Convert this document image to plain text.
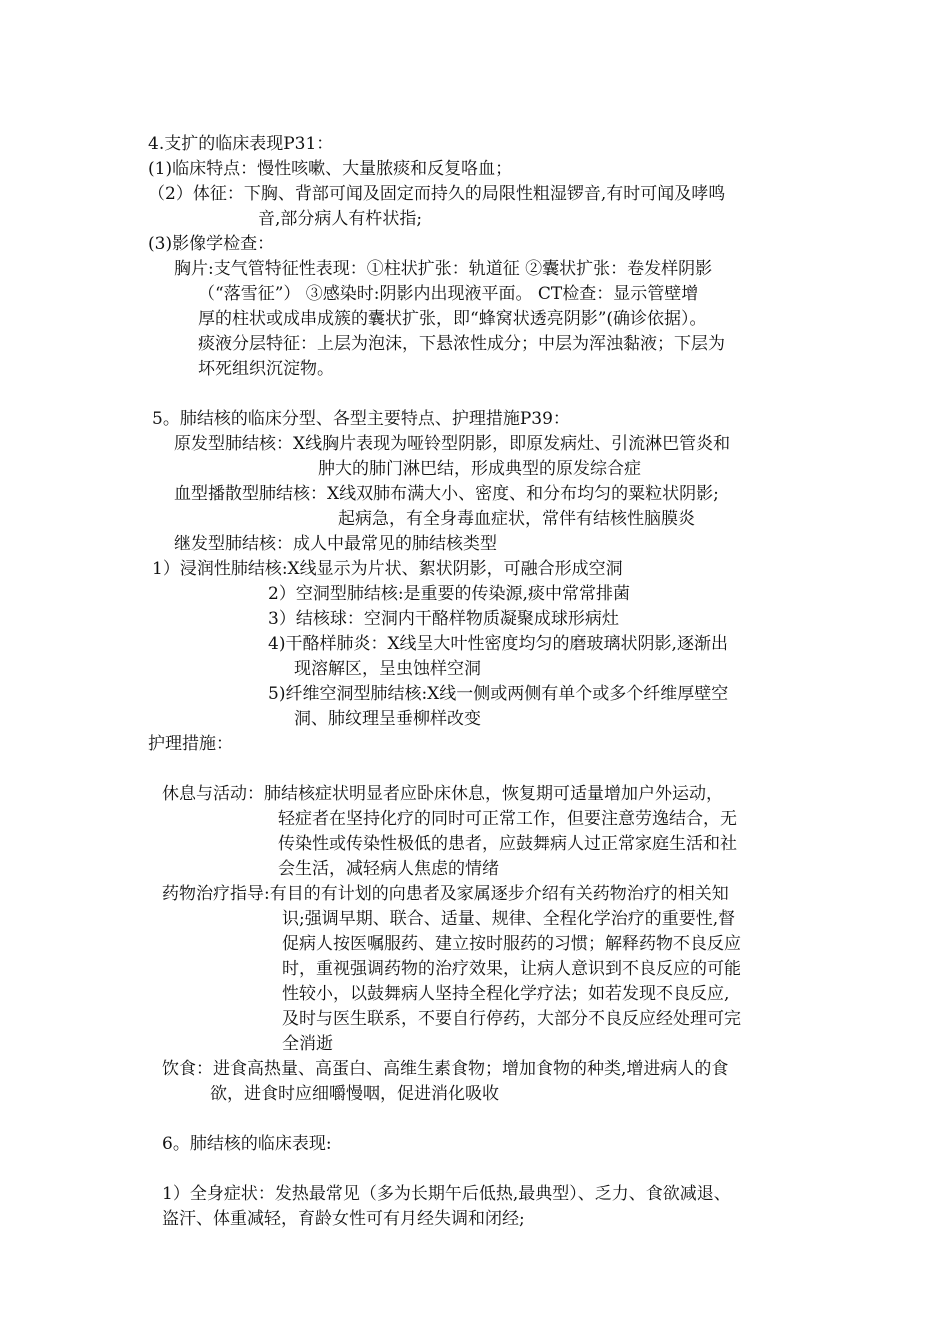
4.支扩的临床表现P31：
(1)临床特点：慢性咳嗽、大量脓痰和反复咯血；
（2）体征：下胸、背部可闻及固定而持久的局限性粗湿锣音,有时可闻及哮鸣
音,部分病人有杵状指;
(3)影像学检查：
胸片:支气管特征性表现：①柱状扩张：轨道征 ②囊状扩张：卷发样阴影
（“落雪征”） ③感染时:阴影内出现液平面。 CT检查：显示管壁增
厚的柱状或成串成簇的囊状扩张，即“蜂窝状透亮阴影”(确诊依据）。
痰液分层特征：上层为泡沫，下悬浓性成分；中层为浑浊黏液；下层为
坏死组织沉淀物。
5。肺结核的临床分型、各型主要特点、护理措施P39：
原发型肺结核：X线胸片表现为哑铃型阴影，即原发病灶、引流淋巴管炎和
肿大的肺门淋巴结，形成典型的原发综合症
血型播散型肺结核：X线双肺布满大小、密度、和分布均匀的粟粒状阴影;
起病急，有全身毒血症状，常伴有结核性脑膜炎
继发型肺结核：成人中最常见的肺结核类型
1）浸润性肺结核:X线显示为片状、絮状阴影，可融合形成空洞
2）空洞型肺结核:是重要的传染源,痰中常常排菌
3）结核球：空洞内干酪样物质凝聚成球形病灶
4)干酪样肺炎：X线呈大叶性密度均匀的磨玻璃状阴影,逐渐出
现溶解区，呈虫蚀样空洞
5)纤维空洞型肺结核:X线一侧或两侧有单个或多个纤维厚壁空
洞、肺纹理呈垂柳样改变
护理措施：
休息与活动：肺结核症状明显者应卧床休息，恢复期可适量增加户外运动，
轻症者在坚持化疗的同时可正常工作，但要注意劳逸结合，无
传染性或传染性极低的患者，应鼓舞病人过正常家庭生活和社
会生活，减轻病人焦虑的情绪
药物治疗指导:有目的有计划的向患者及家属逐步介绍有关药物治疗的相关知
识;强调早期、联合、适量、规律、全程化学治疗的重要性,督
促病人按医嘱服药、建立按时服药的习惯；解释药物不良反应
时，重视强调药物的治疗效果，让病人意识到不良反应的可能
性较小，以鼓舞病人坚持全程化学疗法；如若发现不良反应,
及时与医生联系，不要自行停药，大部分不良反应经处理可完
全消逝
饮食：进食高热量、高蛋白、高维生素食物；增加食物的种类,增进病人的食
欲，进食时应细嚼慢咽，促进消化吸收
6。肺结核的临床表现:
1）全身症状：发热最常见（多为长期午后低热,最典型）、乏力、食欲减退、
盗汗、体重减轻，育龄女性可有月经失调和闭经;
